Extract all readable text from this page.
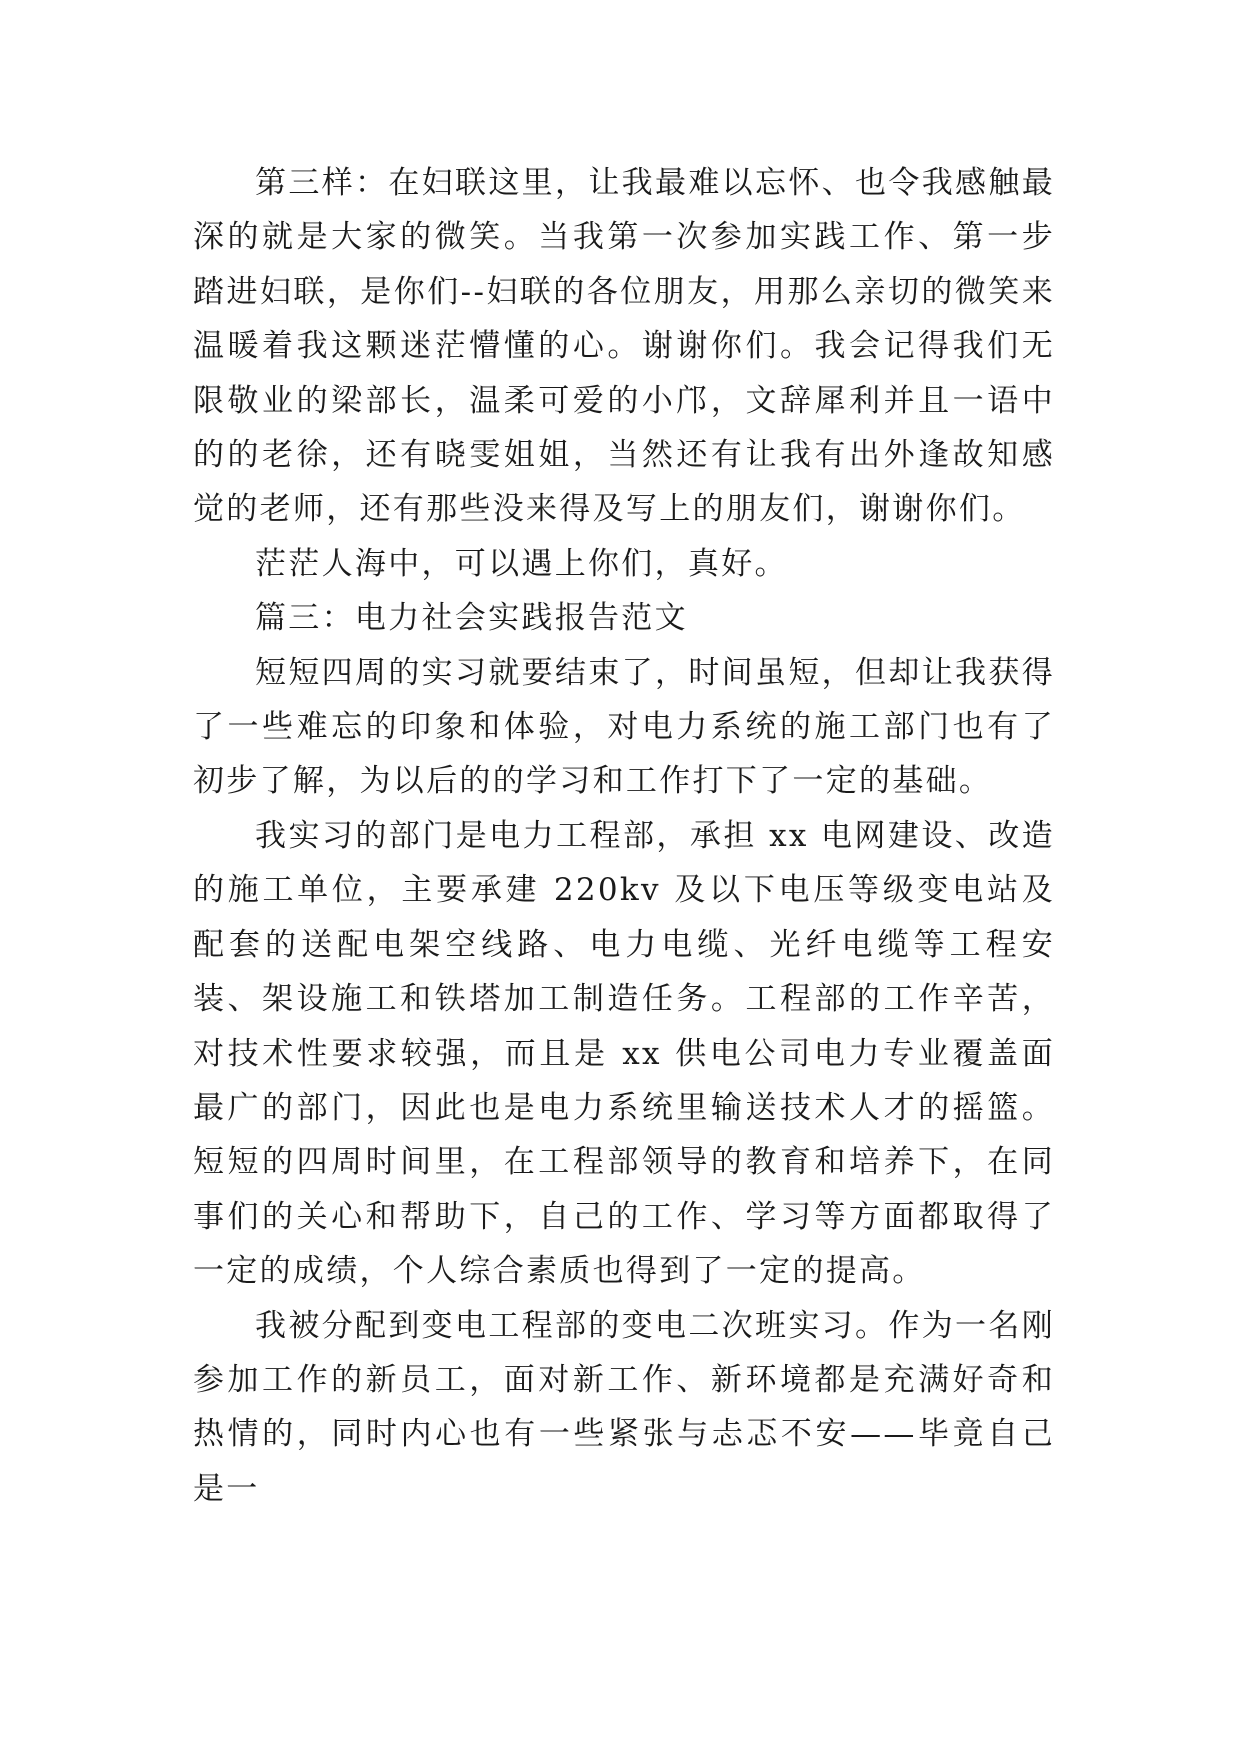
第三样：在妇联这里，让我最难以忘怀、也令我感触最深的就是大家的微笑。当我第一次参加实践工作、第一步踏进妇联，是你们--妇联的各位朋友，用那么亲切的微笑来温暖着我这颗迷茫懵懂的心。谢谢你们。我会记得我们无限敬业的梁部长，温柔可爱的小邝，文辞犀利并且一语中的的老徐，还有晓雯姐姐，当然还有让我有出外逢故知感觉的老师，还有那些没来得及写上的朋友们，谢谢你们。

茫茫人海中，可以遇上你们，真好。

篇三：电力社会实践报告范文

短短四周的实习就要结束了，时间虽短，但却让我获得了一些难忘的印象和体验，对电力系统的施工部门也有了初步了解，为以后的的学习和工作打下了一定的基础。

我实习的部门是电力工程部，承担 xx 电网建设、改造的施工单位，主要承建 220kv 及以下电压等级变电站及配套的送配电架空线路、电力电缆、光纤电缆等工程安装、架设施工和铁塔加工制造任务。工程部的工作辛苦，对技术性要求较强，而且是 xx 供电公司电力专业覆盖面最广的部门，因此也是电力系统里输送技术人才的摇篮。短短的四周时间里，在工程部领导的教育和培养下，在同事们的关心和帮助下，自己的工作、学习等方面都取得了一定的成绩，个人综合素质也得到了一定的提高。

我被分配到变电工程部的变电二次班实习。作为一名刚参加工作的新员工，面对新工作、新环境都是充满好奇和热情的，同时内心也有一些紧张与忐忑不安——毕竟自己是一
